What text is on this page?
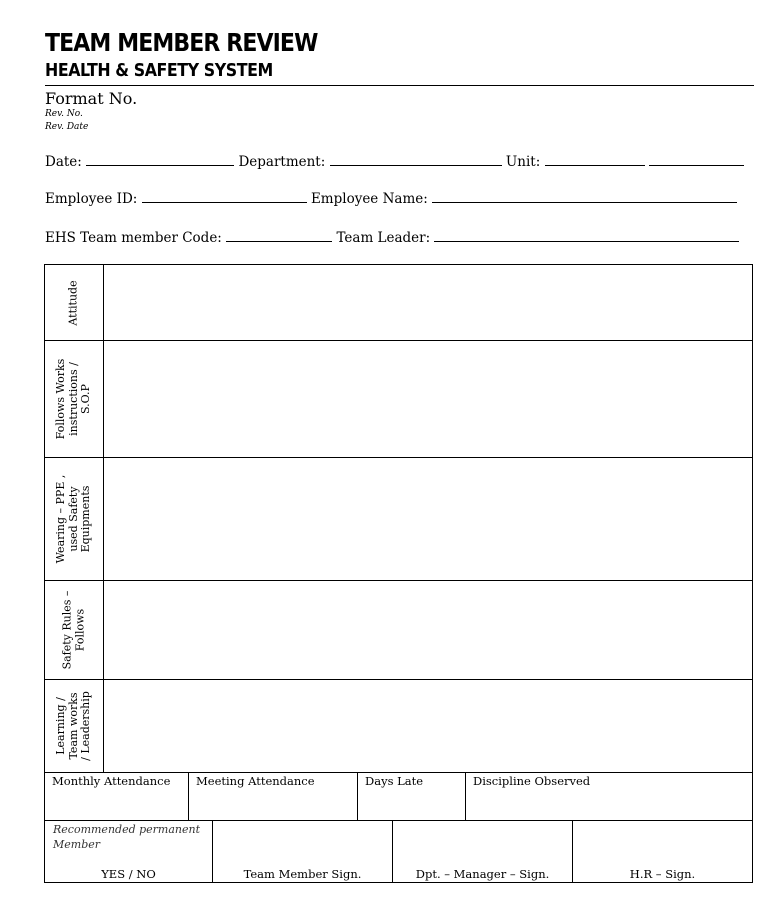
TEAM MEMBER REVIEW
HEALTH & SAFETY SYSTEM
Format No.
Rev. No.
Rev. Date
Date:	Department:	Unit:
Employee ID:	Employee Name:
EHS Team member Code:	Team Leader:
Attitude	

Follows Works instructions / S.O.P	

Wearing – PPE , used Safety Equipments	

Safety Rules – Follows	

Learning / Team works / Leadership	

Monthly Attendance	Meeting Attendance	Days Late	Discipline Observed
Recommended permanent
Member
YES / NO	Team Member Sign.	Dpt. – Manager – Sign.	H.R – Sign.
